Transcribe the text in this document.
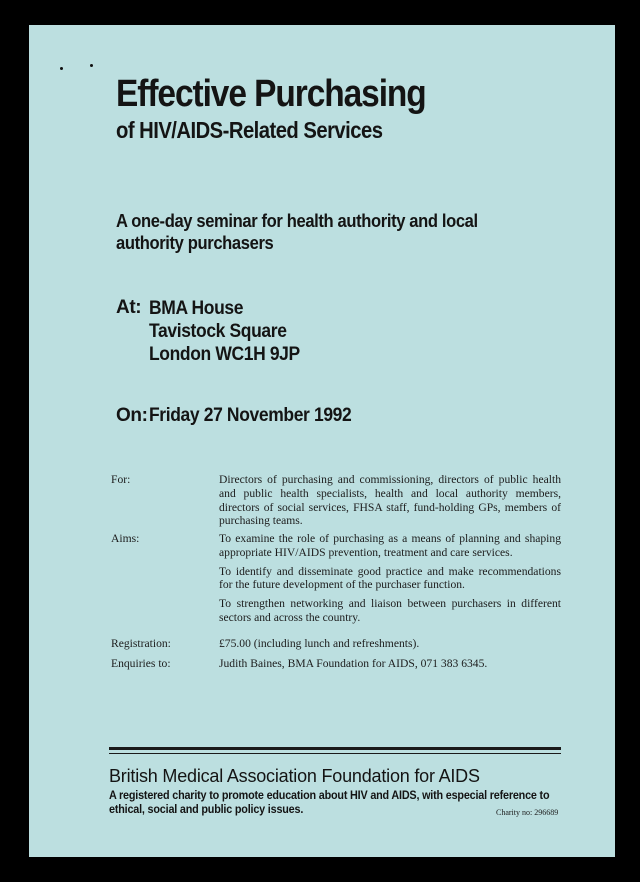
Effective Purchasing
of HIV/AIDS-Related Services
A one-day seminar for health authority and local authority purchasers
At: BMA House
Tavistock Square
London WC1H 9JP
On: Friday 27 November 1992
For:	Directors of purchasing and commissioning, directors of public health and public health specialists, health and local authority members, directors of social services, FHSA staff, fund-holding GPs, members of purchasing teams.

Aims:	To examine the role of purchasing as a means of planning and shaping appropriate HIV/AIDS prevention, treatment and care services.

To identify and disseminate good practice and make recommendations for the future development of the purchaser function.

To strengthen networking and liaison between purchasers in different sectors and across the country.

Registration:	£75.00 (including lunch and refreshments).
Enquiries to:	Judith Baines, BMA Foundation for AIDS, 071 383 6345.
British Medical Association Foundation for AIDS
A registered charity to promote education about HIV and AIDS, with especial reference to ethical, social and public policy issues.	Charity no: 296689
